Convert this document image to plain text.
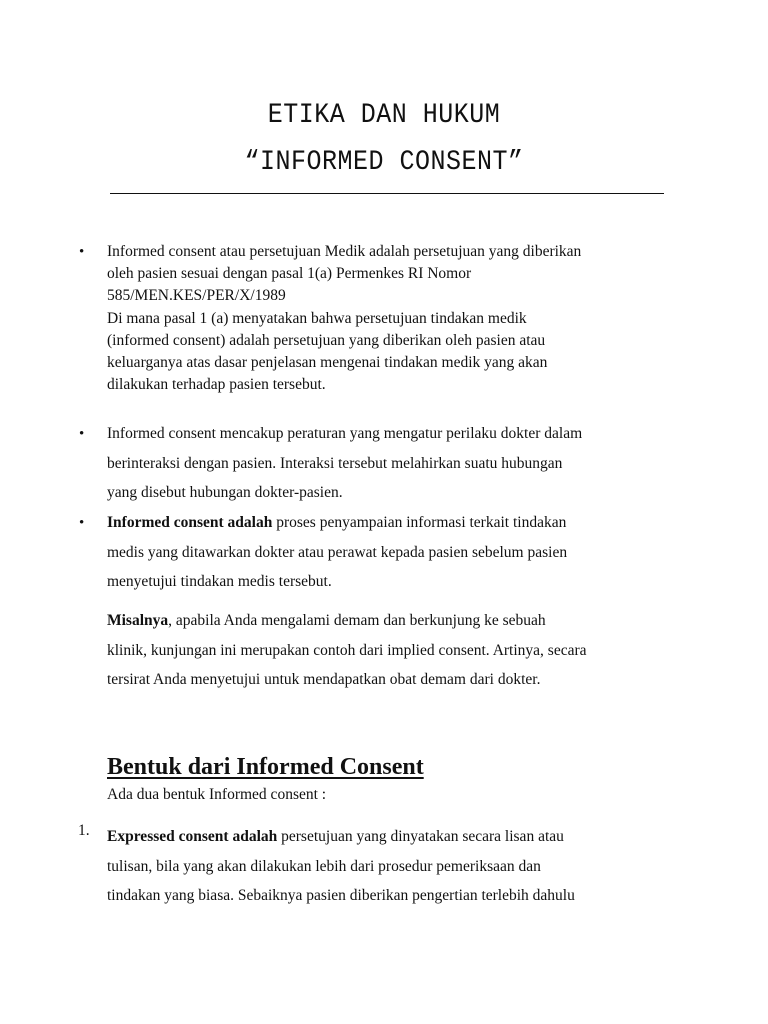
ETIKA DAN HUKUM
“INFORMED CONSENT”
• Informed consent atau persetujuan Medik adalah persetujuan yang diberikan

oleh pasien sesuai dengan pasal 1(a) Permenkes RI Nomor

585/MEN.KES/PER/X/1989

Di mana pasal 1 (a) menyatakan bahwa persetujuan tindakan medik

(informed consent) adalah persetujuan yang diberikan oleh pasien atau

keluarganya atas dasar penjelasan mengenai tindakan medik yang akan

dilakukan terhadap pasien tersebut.

• Informed consent mencakup peraturan yang mengatur perilaku dokter dalam

berinteraksi dengan pasien. Interaksi tersebut melahirkan suatu hubungan

yang disebut hubungan dokter-pasien.

• Informed consent adalah proses penyampaian informasi terkait tindakan

medis yang ditawarkan dokter atau perawat kepada pasien sebelum pasien

menyetujui tindakan medis tersebut.

Misalnya, apabila Anda mengalami demam dan berkunjung ke sebuah

klinik, kunjungan ini merupakan contoh dari implied consent. Artinya, secara

tersirat Anda menyetujui untuk mendapatkan obat demam dari dokter.

Bentuk dari Informed Consent
Ada dua bentuk Informed consent :
1. Expressed consent adalah persetujuan yang dinyatakan secara lisan atau

tulisan, bila yang akan dilakukan lebih dari prosedur pemeriksaan dan

tindakan yang biasa. Sebaiknya pasien diberikan pengertian terlebih dahulu
